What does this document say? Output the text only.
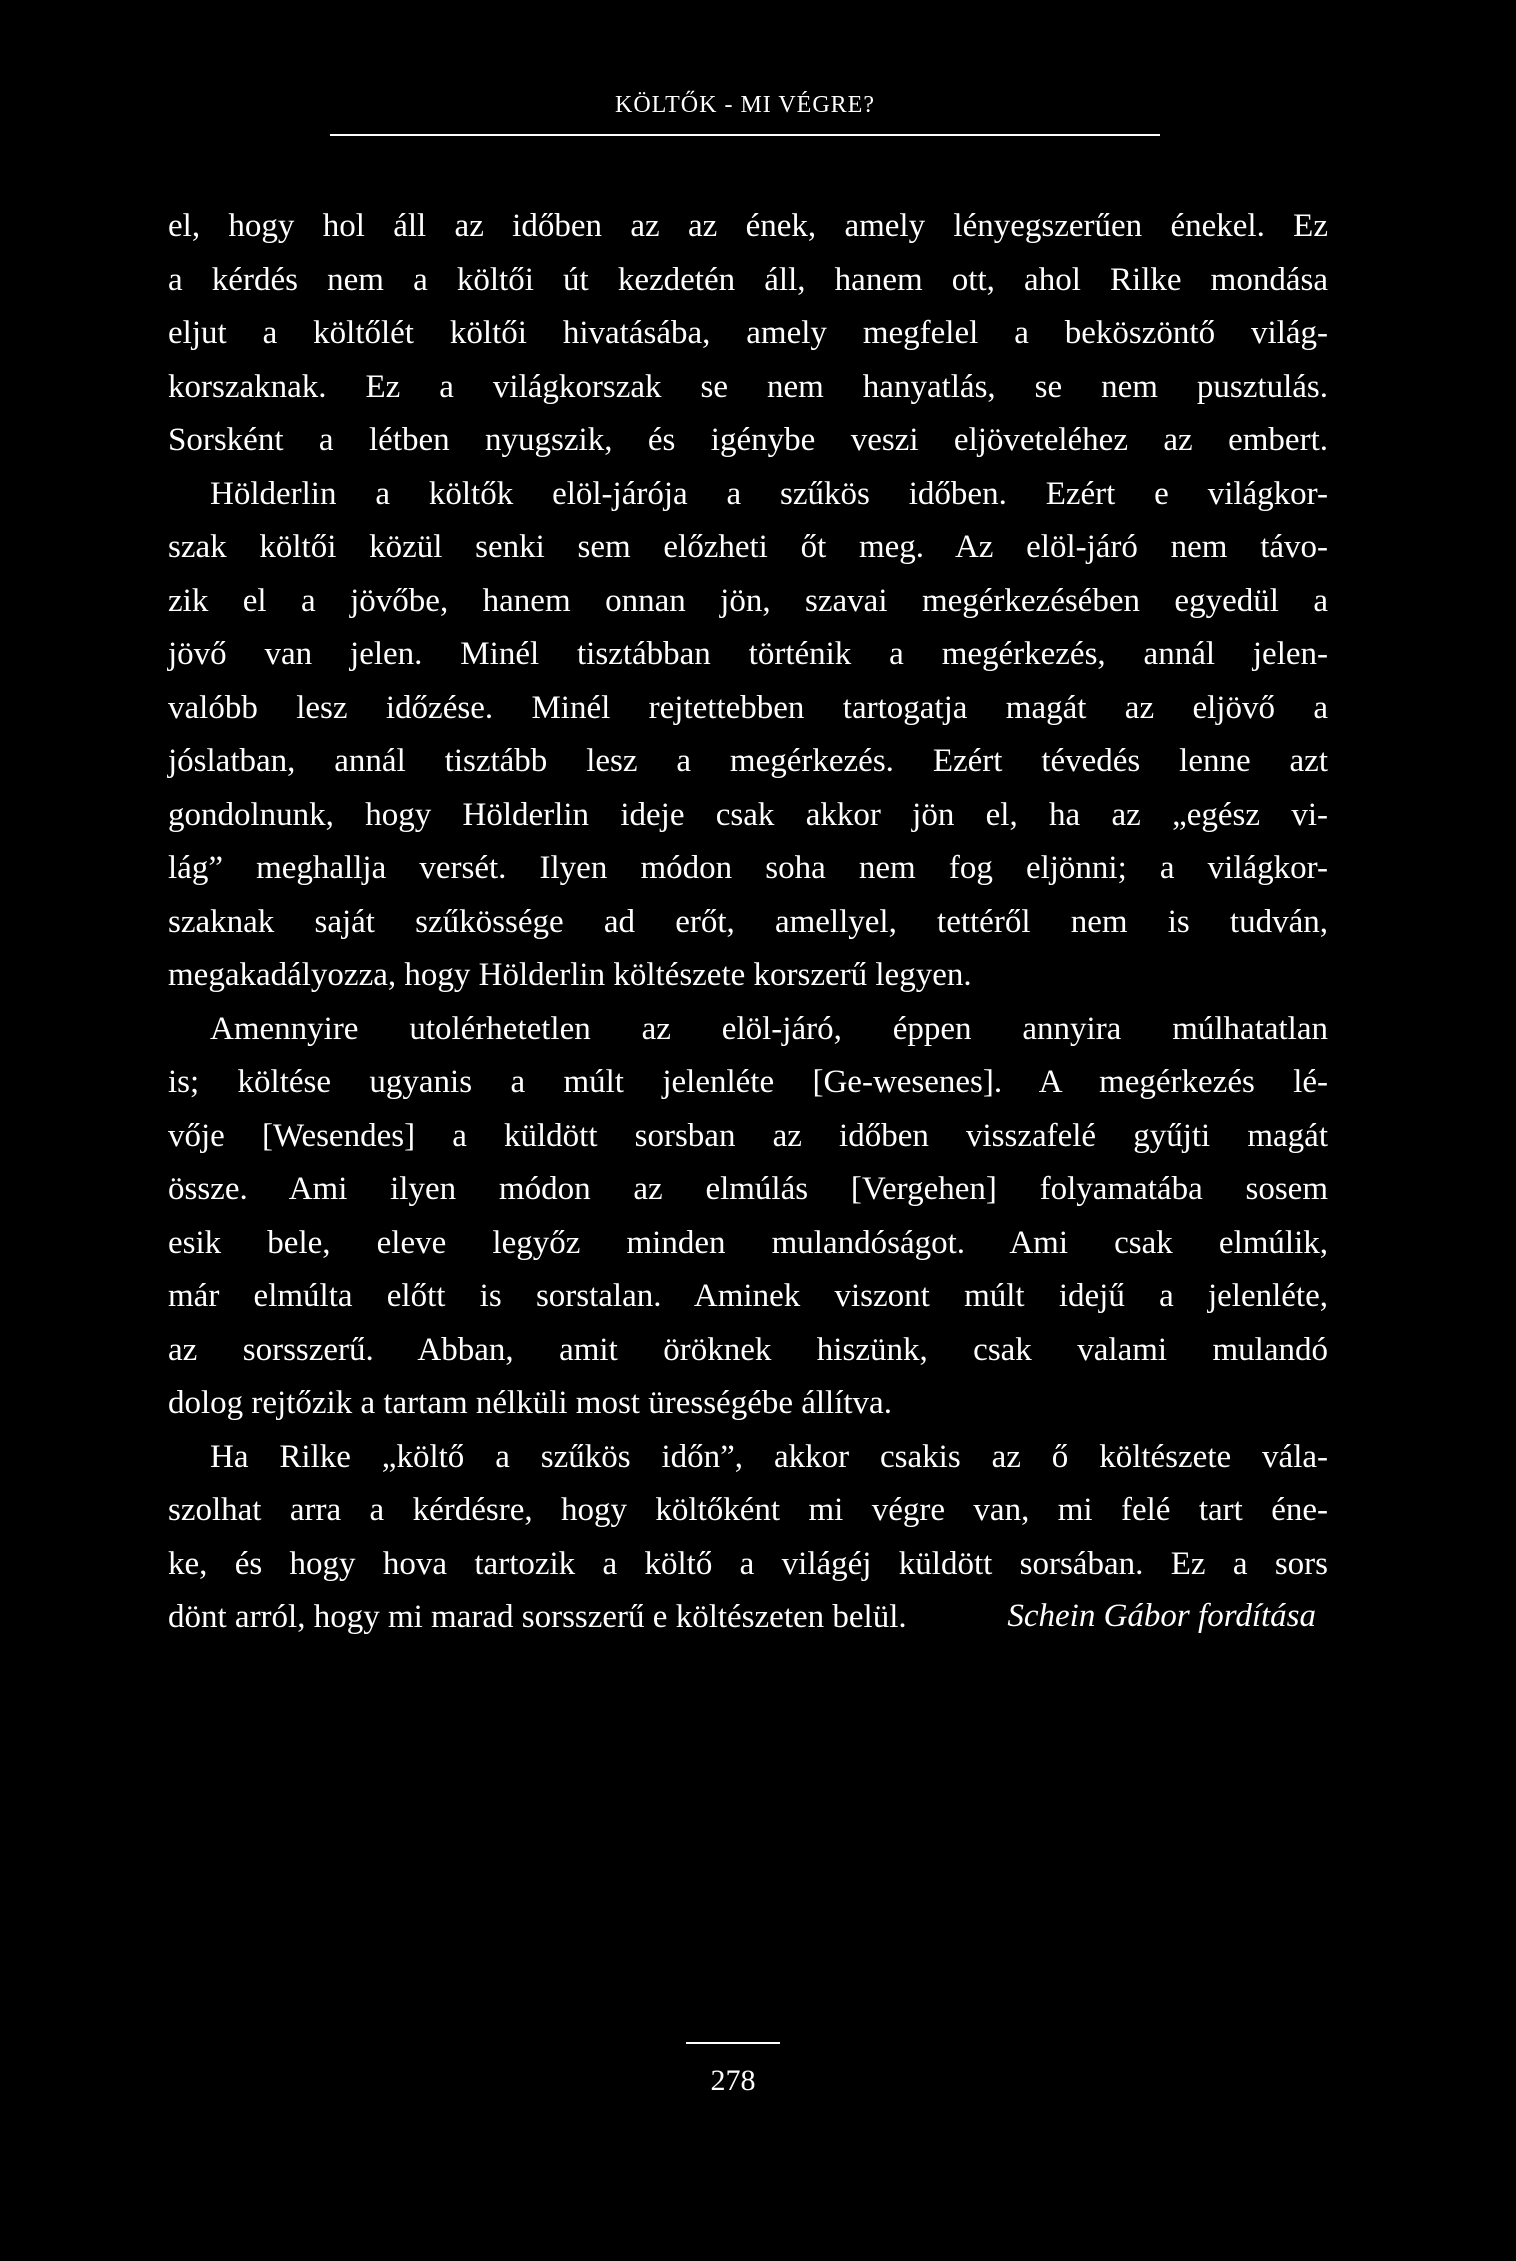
KÖLTŐK - MI VÉGRE?
el, hogy hol áll az időben az az ének, amely lényegszerűen énekel. Ez
a kérdés nem a költői út kezdetén áll, hanem ott, ahol Rilke mondása
eljut a költőlét költői hivatásába, amely megfelel a beköszöntő világ-
korszaknak. Ez a világkorszak se nem hanyatlás, se nem pusztulás.
Sorsként a létben nyugszik, és igénybe veszi eljöveteléhez az embert.
Hölderlin a költők elöl-járója a szűkös időben. Ezért e világkor-
szak költői közül senki sem előzheti őt meg. Az elöl-járó nem távo-
zik el a jövőbe, hanem onnan jön, szavai megérkezésében egyedül a
jövő van jelen. Minél tisztábban történik a megérkezés, annál jelen-
valóbb lesz időzése. Minél rejtettebben tartogatja magát az eljövő a
jóslatban, annál tisztább lesz a megérkezés. Ezért tévedés lenne azt
gondolnunk, hogy Hölderlin ideje csak akkor jön el, ha az „egész vi-
lág” meghallja versét. Ilyen módon soha nem fog eljönni; a világkor-
szaknak saját szűkössége ad erőt, amellyel, tettéről nem is tudván,
megakadályozza, hogy Hölderlin költészete korszerű legyen.
Amennyire utolérhetetlen az elöl-járó, éppen annyira múlhatatlan
is; költése ugyanis a múlt jelenléte [Ge-wesenes]. A megérkezés lé-
vője [Wesendes] a küldött sorsban az időben visszafelé gyűjti magát
össze. Ami ilyen módon az elmúlás [Vergehen] folyamatába sosem
esik bele, eleve legyőz minden mulandóságot. Ami csak elmúlik,
már elmúlta előtt is sorstalan. Aminek viszont múlt idejű a jelenléte,
az sorsszerű. Abban, amit öröknek hiszünk, csak valami mulandó
dolog rejtőzik a tartam nélküli most ürességébe állítva.
Ha Rilke „költő a szűkös időn”, akkor csakis az ő költészete vála-
szolhat arra a kérdésre, hogy költőként mi végre van, mi felé tart éne-
ke, és hogy hova tartozik a költő a világéj küldött sorsában. Ez a sors
dönt arról, hogy mi marad sorsszerű e költészeten belül.	Schein Gábor fordítása
278
